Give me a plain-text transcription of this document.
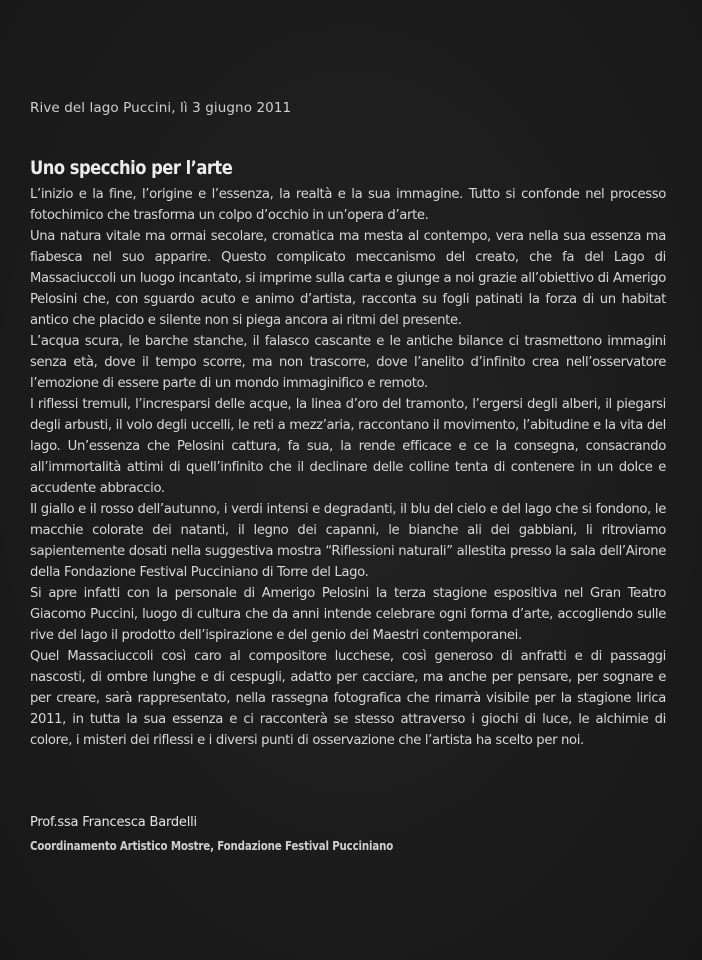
Rive del lago Puccini, lì 3 giugno 2011
Uno specchio per l’arte

L’inizio e la fine, l’origine e l’essenza, la realtà e la sua immagine. Tutto si confonde nel processo fotochimico che trasforma un colpo d’occhio in un’opera d’arte.

Una natura vitale ma ormai secolare, cromatica ma mesta al contempo, vera nella sua essenza ma fiabesca nel suo apparire. Questo complicato meccanismo del creato, che fa del Lago di Massaciuccoli un luogo incantato, si imprime sulla carta e giunge a noi grazie all’obiettivo di Amerigo Pelosini che, con sguardo acuto e animo d’artista, racconta su fogli patinati la forza di un habitat antico che placido e silente non si piega ancora ai ritmi del presente.

L’acqua scura, le barche stanche, il falasco cascante e le antiche bilance ci trasmettono immagini senza età, dove il tempo scorre, ma non trascorre, dove l’anelito d’infinito crea nell’osservatore l’emozione di essere parte di un mondo immaginifico e remoto.

I riflessi tremuli, l’incresparsi delle acque, la linea d’oro del tramonto, l’ergersi degli alberi, il piegarsi degli arbusti, il volo degli uccelli, le reti a mezz’aria, raccontano il movimento, l’abitudine e la vita del lago. Un’essenza che Pelosini cattura, fa sua, la rende efficace e ce la consegna, consacrando all’immortalità attimi di quell’infinito che il declinare delle colline tenta di contenere in un dolce e accudente abbraccio.

Il giallo e il rosso dell’autunno, i verdi intensi e degradanti, il blu del cielo e del lago che si fondono, le macchie colorate dei natanti, il legno dei capanni, le bianche ali dei gabbiani, li ritroviamo sapientemente dosati nella suggestiva mostra “Riflessioni naturali” allestita presso la sala dell’Airone della Fondazione Festival Pucciniano di Torre del Lago.

Si apre infatti con la personale di Amerigo Pelosini la terza stagione espositiva nel Gran Teatro Giacomo Puccini, luogo di cultura che da anni intende celebrare ogni forma d’arte, accogliendo sulle rive del lago il prodotto dell’ispirazione e del genio dei Maestri contemporanei.

Quel Massaciuccoli così caro al compositore lucchese, così generoso di anfratti e di passaggi nascosti, di ombre lunghe e di cespugli, adatto per cacciare, ma anche per pensare, per sognare e per creare, sarà rappresentato, nella rassegna fotografica che rimarrà visibile per la stagione lirica 2011, in tutta la sua essenza e ci racconterà se stesso attraverso i giochi di luce, le alchimie di colore, i misteri dei riflessi e i diversi punti di osservazione che l’artista ha scelto per noi.

Prof.ssa Francesca Bardelli
Coordinamento Artistico Mostre, Fondazione Festival Pucciniano
